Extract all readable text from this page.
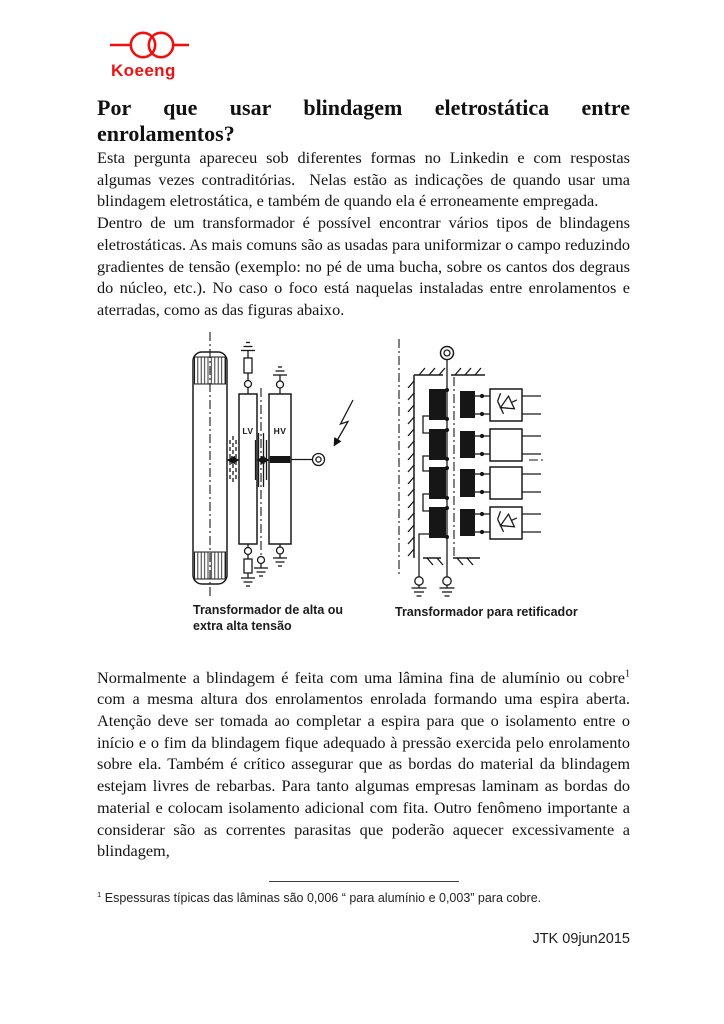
Koeeng
Por que usar blindagem eletrostática entre enrolamentos?

Esta pergunta apareceu sob diferentes formas no Linkedin e com respostas algumas vezes contraditórias.  Nelas estão as indicações de quando usar uma blindagem eletrostática, e também de quando ela é erroneamente empregada.

Dentro de um transformador é possível encontrar vários tipos de blindagens eletrostáticas. As mais comuns são as usadas para uniformizar o campo reduzindo gradientes de tensão (exemplo: no pé de uma bucha, sobre os cantos dos degraus do núcleo, etc.). No caso o foco está naquelas instaladas entre enrolamentos e aterradas, como as das figuras abaixo.

LV HV
Transformador de alta ou
extra alta tensão
Transformador para retificador

Normalmente a blindagem é feita com uma lâmina fina de alumínio ou cobre$^1$ com a mesma altura dos enrolamentos enrolada formando uma espira aberta. Atenção deve ser tomada ao completar a espira para que o isolamento entre o início e o fim da blindagem fique adequado à pressão exercida pelo enrolamento sobre ela. Também é crítico assegurar que as bordas do material da blindagem estejam livres de rebarbas. Para tanto algumas empresas laminam as bordas do material e colocam isolamento adicional com fita. Outro fenômeno importante a considerar são as correntes parasitas que poderão aquecer excessivamente a blindagem,

$^1$ Espessuras típicas das lâminas são 0,006 “ para alumínio e 0,003” para cobre.
JTK 09jun2015
